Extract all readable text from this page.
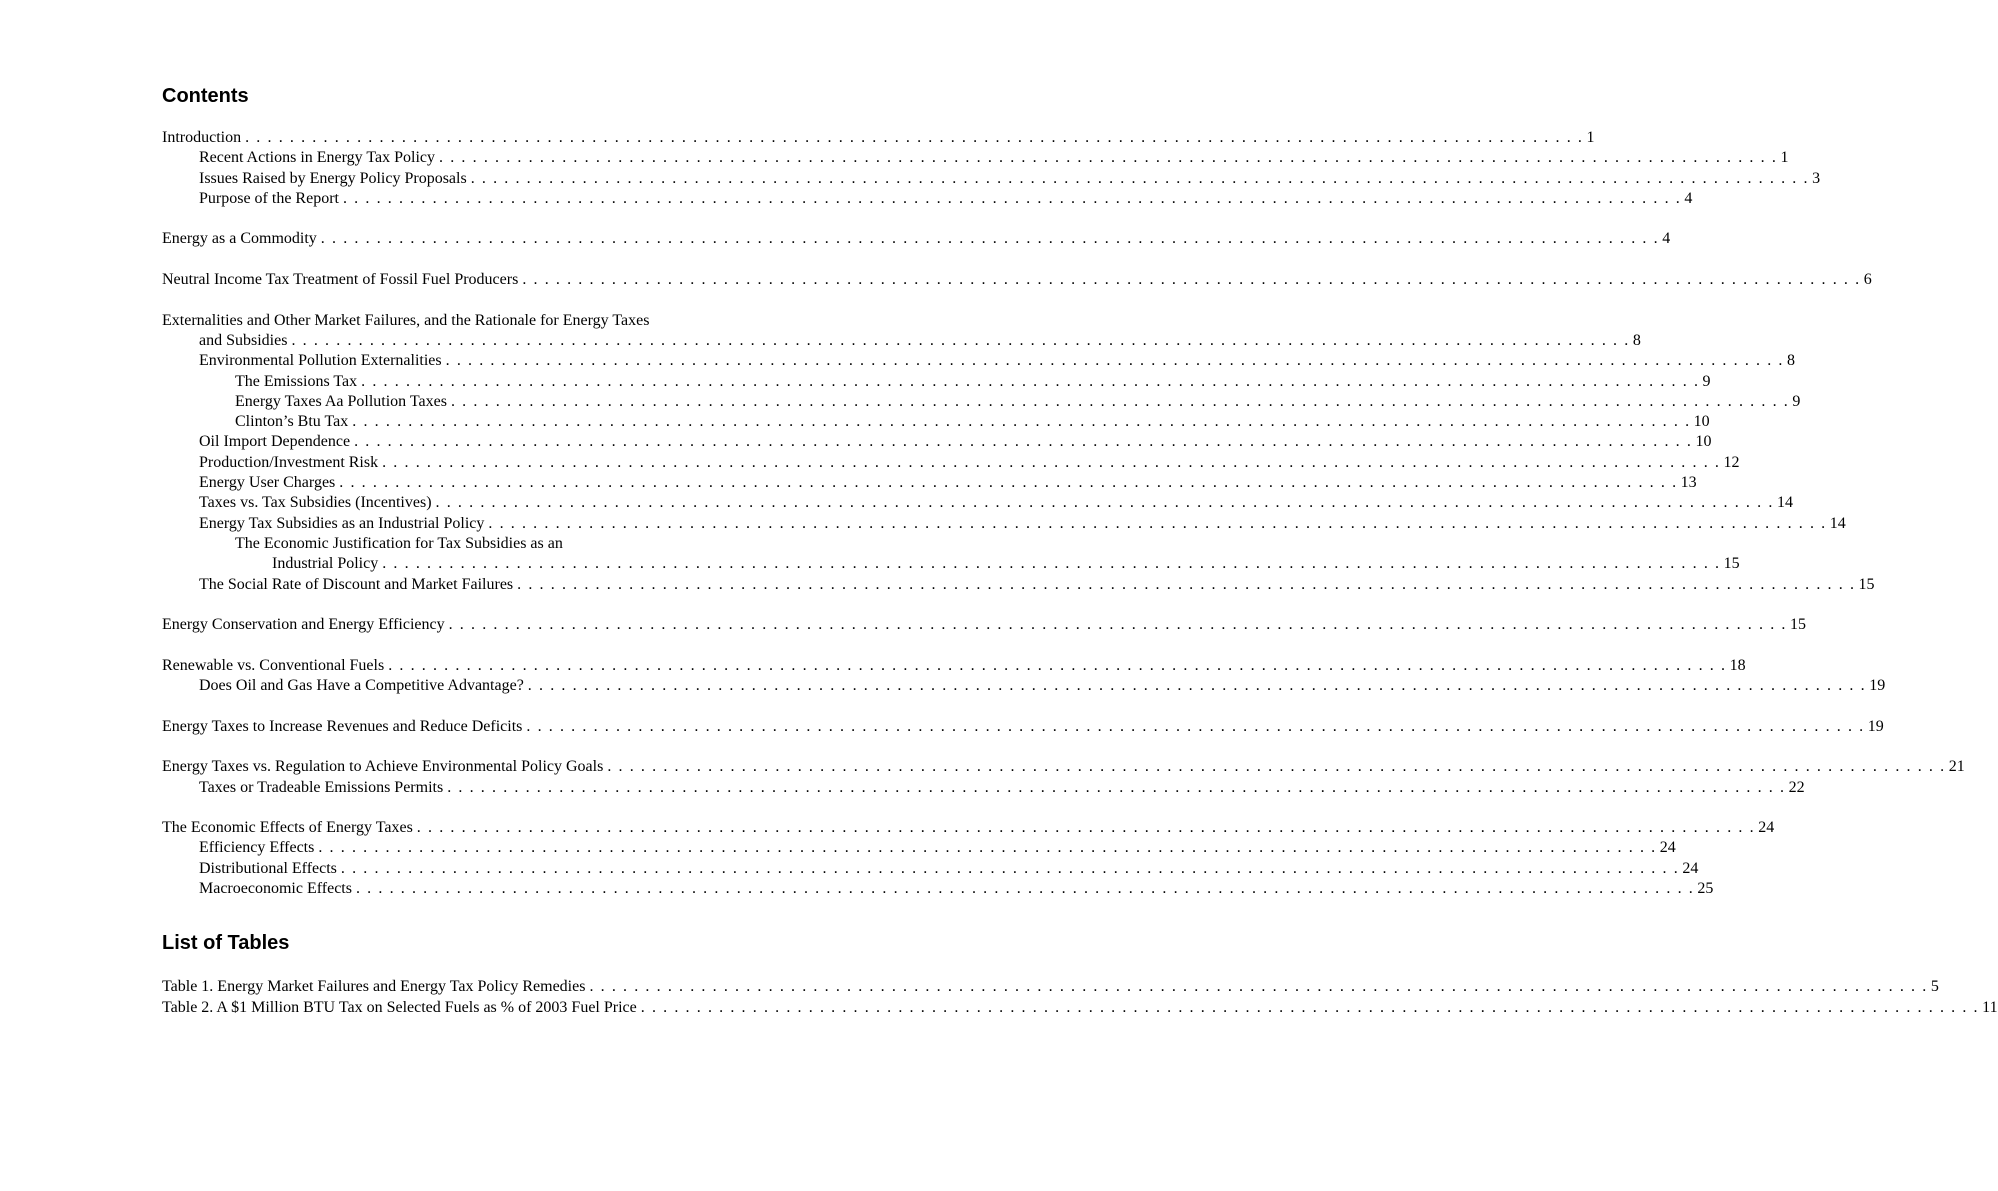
Contents
Introduction . . . . . . . . . . . . . . . . . . . . . . . . . . . . . . . . . . . . . . . . . . . . . . . . . . . . . . . . . . . . . . . . . . . . . . . . . . . . . . . . . . . . . . . . . . . . . . . . . . . . . . . . . . . . . . . . . . . . . . . . 1
Recent Actions in Energy Tax Policy . . . . . . . . . . . . . . . . . . . . . . . . . . . . . . . . . . . . . . . . . . . . . . . . . . . . . . . . . . . . . . . . . . . . . . . . . . . . . . . . . . . . . . . . . . . . . . . . . . . . . . . . . . . . . . . . . . . . . . . . 1
Issues Raised by Energy Policy Proposals . . . . . . . . . . . . . . . . . . . . . . . . . . . . . . . . . . . . . . . . . . . . . . . . . . . . . . . . . . . . . . . . . . . . . . . . . . . . . . . . . . . . . . . . . . . . . . . . . . . . . . . . . . . . . . . . . . . . . . . . 3
Purpose of the Report . . . . . . . . . . . . . . . . . . . . . . . . . . . . . . . . . . . . . . . . . . . . . . . . . . . . . . . . . . . . . . . . . . . . . . . . . . . . . . . . . . . . . . . . . . . . . . . . . . . . . . . . . . . . . . . . . . . . . . . . 4
Energy as a Commodity . . . . . . . . . . . . . . . . . . . . . . . . . . . . . . . . . . . . . . . . . . . . . . . . . . . . . . . . . . . . . . . . . . . . . . . . . . . . . . . . . . . . . . . . . . . . . . . . . . . . . . . . . . . . . . . . . . . . . . . . 4
Neutral Income Tax Treatment of Fossil Fuel Producers . . . . . . . . . . . . . . . . . . . . . . . . . . . . . . . . . . . . . . . . . . . . . . . . . . . . . . . . . . . . . . . . . . . . . . . . . . . . . . . . . . . . . . . . . . . . . . . . . . . . . . . . . . . . . . . . . . . . . . . . 6
Externalities and Other Market Failures, and the Rationale for Energy Taxes
and Subsidies . . . . . . . . . . . . . . . . . . . . . . . . . . . . . . . . . . . . . . . . . . . . . . . . . . . . . . . . . . . . . . . . . . . . . . . . . . . . . . . . . . . . . . . . . . . . . . . . . . . . . . . . . . . . . . . . . . . . . . . . 8
Environmental Pollution Externalities . . . . . . . . . . . . . . . . . . . . . . . . . . . . . . . . . . . . . . . . . . . . . . . . . . . . . . . . . . . . . . . . . . . . . . . . . . . . . . . . . . . . . . . . . . . . . . . . . . . . . . . . . . . . . . . . . . . . . . . . 8
The Emissions Tax . . . . . . . . . . . . . . . . . . . . . . . . . . . . . . . . . . . . . . . . . . . . . . . . . . . . . . . . . . . . . . . . . . . . . . . . . . . . . . . . . . . . . . . . . . . . . . . . . . . . . . . . . . . . . . . . . . . . . . . . 9
Energy Taxes Aa Pollution Taxes . . . . . . . . . . . . . . . . . . . . . . . . . . . . . . . . . . . . . . . . . . . . . . . . . . . . . . . . . . . . . . . . . . . . . . . . . . . . . . . . . . . . . . . . . . . . . . . . . . . . . . . . . . . . . . . . . . . . . . . . 9
Clinton’s Btu Tax . . . . . . . . . . . . . . . . . . . . . . . . . . . . . . . . . . . . . . . . . . . . . . . . . . . . . . . . . . . . . . . . . . . . . . . . . . . . . . . . . . . . . . . . . . . . . . . . . . . . . . . . . . . . . . . . . . . . . . . . 10
Oil Import Dependence . . . . . . . . . . . . . . . . . . . . . . . . . . . . . . . . . . . . . . . . . . . . . . . . . . . . . . . . . . . . . . . . . . . . . . . . . . . . . . . . . . . . . . . . . . . . . . . . . . . . . . . . . . . . . . . . . . . . . . . . 10
Production/Investment Risk . . . . . . . . . . . . . . . . . . . . . . . . . . . . . . . . . . . . . . . . . . . . . . . . . . . . . . . . . . . . . . . . . . . . . . . . . . . . . . . . . . . . . . . . . . . . . . . . . . . . . . . . . . . . . . . . . . . . . . . . 12
Energy User Charges . . . . . . . . . . . . . . . . . . . . . . . . . . . . . . . . . . . . . . . . . . . . . . . . . . . . . . . . . . . . . . . . . . . . . . . . . . . . . . . . . . . . . . . . . . . . . . . . . . . . . . . . . . . . . . . . . . . . . . . . 13
Taxes vs. Tax Subsidies (Incentives) . . . . . . . . . . . . . . . . . . . . . . . . . . . . . . . . . . . . . . . . . . . . . . . . . . . . . . . . . . . . . . . . . . . . . . . . . . . . . . . . . . . . . . . . . . . . . . . . . . . . . . . . . . . . . . . . . . . . . . . . 14
Energy Tax Subsidies as an Industrial Policy . . . . . . . . . . . . . . . . . . . . . . . . . . . . . . . . . . . . . . . . . . . . . . . . . . . . . . . . . . . . . . . . . . . . . . . . . . . . . . . . . . . . . . . . . . . . . . . . . . . . . . . . . . . . . . . . . . . . . . . . 14
The Economic Justification for Tax Subsidies as an
Industrial Policy . . . . . . . . . . . . . . . . . . . . . . . . . . . . . . . . . . . . . . . . . . . . . . . . . . . . . . . . . . . . . . . . . . . . . . . . . . . . . . . . . . . . . . . . . . . . . . . . . . . . . . . . . . . . . . . . . . . . . . . . 15
The Social Rate of Discount and Market Failures . . . . . . . . . . . . . . . . . . . . . . . . . . . . . . . . . . . . . . . . . . . . . . . . . . . . . . . . . . . . . . . . . . . . . . . . . . . . . . . . . . . . . . . . . . . . . . . . . . . . . . . . . . . . . . . . . . . . . . . . 15
Energy Conservation and Energy Efficiency . . . . . . . . . . . . . . . . . . . . . . . . . . . . . . . . . . . . . . . . . . . . . . . . . . . . . . . . . . . . . . . . . . . . . . . . . . . . . . . . . . . . . . . . . . . . . . . . . . . . . . . . . . . . . . . . . . . . . . . . 15
Renewable vs. Conventional Fuels . . . . . . . . . . . . . . . . . . . . . . . . . . . . . . . . . . . . . . . . . . . . . . . . . . . . . . . . . . . . . . . . . . . . . . . . . . . . . . . . . . . . . . . . . . . . . . . . . . . . . . . . . . . . . . . . . . . . . . . . 18
Does Oil and Gas Have a Competitive Advantage? . . . . . . . . . . . . . . . . . . . . . . . . . . . . . . . . . . . . . . . . . . . . . . . . . . . . . . . . . . . . . . . . . . . . . . . . . . . . . . . . . . . . . . . . . . . . . . . . . . . . . . . . . . . . . . . . . . . . . . . . 19
Energy Taxes to Increase Revenues and Reduce Deficits . . . . . . . . . . . . . . . . . . . . . . . . . . . . . . . . . . . . . . . . . . . . . . . . . . . . . . . . . . . . . . . . . . . . . . . . . . . . . . . . . . . . . . . . . . . . . . . . . . . . . . . . . . . . . . . . . . . . . . . . 19
Energy Taxes vs. Regulation to Achieve Environmental Policy Goals . . . . . . . . . . . . . . . . . . . . . . . . . . . . . . . . . . . . . . . . . . . . . . . . . . . . . . . . . . . . . . . . . . . . . . . . . . . . . . . . . . . . . . . . . . . . . . . . . . . . . . . . . . . . . . . . . . . . . . . . 21
Taxes or Tradeable Emissions Permits . . . . . . . . . . . . . . . . . . . . . . . . . . . . . . . . . . . . . . . . . . . . . . . . . . . . . . . . . . . . . . . . . . . . . . . . . . . . . . . . . . . . . . . . . . . . . . . . . . . . . . . . . . . . . . . . . . . . . . . . 22
The Economic Effects of Energy Taxes . . . . . . . . . . . . . . . . . . . . . . . . . . . . . . . . . . . . . . . . . . . . . . . . . . . . . . . . . . . . . . . . . . . . . . . . . . . . . . . . . . . . . . . . . . . . . . . . . . . . . . . . . . . . . . . . . . . . . . . . 24
Efficiency Effects . . . . . . . . . . . . . . . . . . . . . . . . . . . . . . . . . . . . . . . . . . . . . . . . . . . . . . . . . . . . . . . . . . . . . . . . . . . . . . . . . . . . . . . . . . . . . . . . . . . . . . . . . . . . . . . . . . . . . . . . 24
Distributional Effects . . . . . . . . . . . . . . . . . . . . . . . . . . . . . . . . . . . . . . . . . . . . . . . . . . . . . . . . . . . . . . . . . . . . . . . . . . . . . . . . . . . . . . . . . . . . . . . . . . . . . . . . . . . . . . . . . . . . . . . . 24
Macroeconomic Effects . . . . . . . . . . . . . . . . . . . . . . . . . . . . . . . . . . . . . . . . . . . . . . . . . . . . . . . . . . . . . . . . . . . . . . . . . . . . . . . . . . . . . . . . . . . . . . . . . . . . . . . . . . . . . . . . . . . . . . . . 25
List of Tables
Table 1. Energy Market Failures and Energy Tax Policy Remedies . . . . . . . . . . . . . . . . . . . . . . . . . . . . . . . . . . . . . . . . . . . . . . . . . . . . . . . . . . . . . . . . . . . . . . . . . . . . . . . . . . . . . . . . . . . . . . . . . . . . . . . . . . . . . . . . . . . . . . . . 5
Table 2. A $1 Million BTU Tax on Selected Fuels as % of 2003 Fuel Price . . . . . . . . . . . . . . . . . . . . . . . . . . . . . . . . . . . . . . . . . . . . . . . . . . . . . . . . . . . . . . . . . . . . . . . . . . . . . . . . . . . . . . . . . . . . . . . . . . . . . . . . . . . . . . . . . . . . . . . . 11
